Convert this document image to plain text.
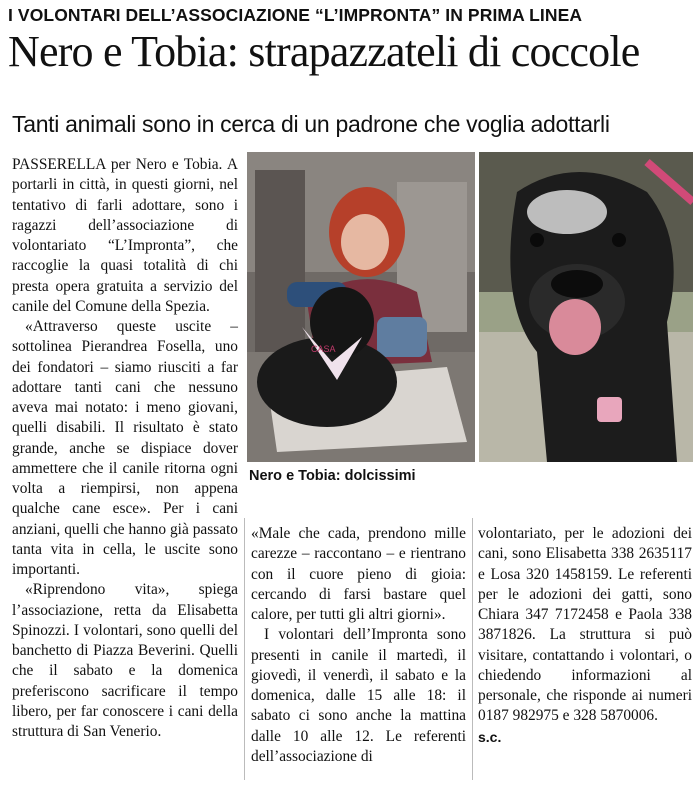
I VOLONTARI DELL’ASSOCIAZIONE “L’IMPRONTA” IN PRIMA LINEA
Nero e Tobia: strapazzateli di coccole
Tanti animali sono in cerca di un padrone che voglia adottarli

PASSERELLA per Nero e Tobia. A portarli in città, in questi giorni, nel tentativo di farli adottare, sono i ragazzi dell’associazione di volontariato “L’Impronta”, che raccoglie la quasi totalità di chi presta opera gratuita a servizio del canile del Comune della Spezia.

«Attraverso queste uscite – sottolinea Pierandrea Fosella, uno dei fondatori – siamo riusciti a far adottare tanti cani che nessuno aveva mai notato: i meno giovani, quelli disabili. Il risultato è stato grande, anche se dispiace dover ammettere che il canile ritorna ogni volta a riempirsi, non appena qualche cane esce». Per i cani anziani, quelli che hanno già passato tanta vita in cella, le uscite sono importanti.

«Riprendono vita», spiega l’associazione, retta da Elisabetta Spinozzi. I volontari, sono quelli del banchetto di Piazza Beverini. Quelli che il sabato e la domenica preferiscono sacrificare il tempo libero, per far conoscere i cani della struttura di San Venerio.

CASA
Nero e Tobia: dolcissimi

«Male che cada, prendono mille carezze – raccontano – e rientrano con il cuore pieno di gioia: cercando di farsi bastare quel calore, per tutti gli altri giorni».

I volontari dell’Impronta sono presenti in canile il martedì, il giovedì, il venerdì, il sabato e la domenica, dalle 15 alle 18: il sabato ci sono anche la mattina dalle 10 alle 12. Le referenti dell’associazione di

volontariato, per le adozioni dei cani, sono Elisabetta 338 2635117 e Losa 320 1458159. Le referenti per le adozioni dei gatti, sono Chiara 347 7172458 e Paola 338 3871826. La struttura si può visitare, contattando i volontari, o chiedendo informazioni al personale, che risponde ai numeri 0187 982975 e 328 5870006.

s.c.
